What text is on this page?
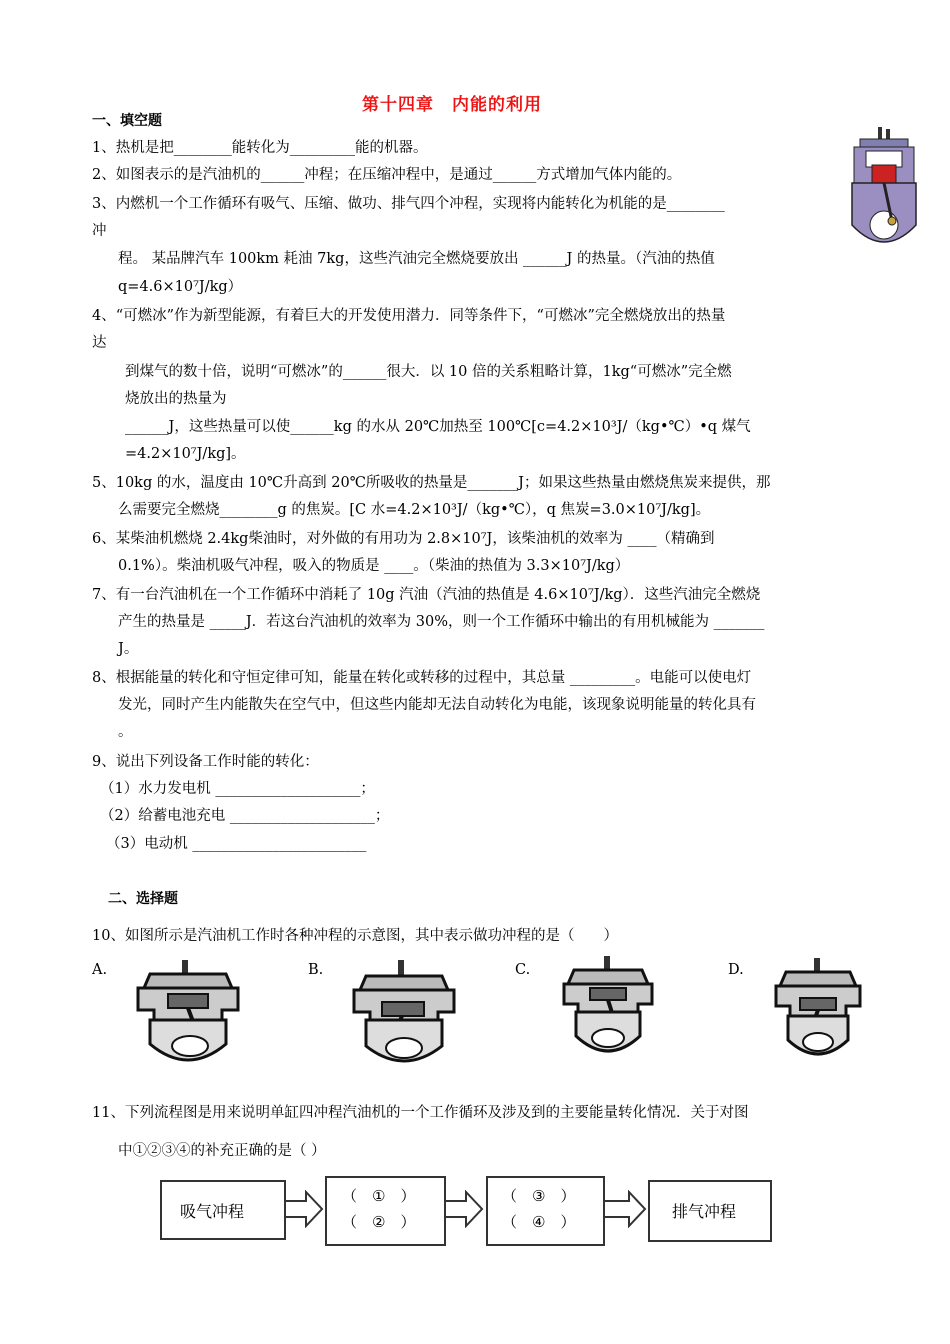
第十四章　内能的利用
一、填空题
1、热机是把________能转化为_________能的机器。
2、如图表示的是汽油机的______冲程；在压缩冲程中，是通过______方式增加气体内能的。
3、内燃机一个工作循环有吸气、压缩、做功、排气四个冲程，实现将内能转化为机能的是________
冲
程。 某品牌汽车 100km 耗油 7kg，这些汽油完全燃烧要放出 ______J 的热量。（汽油的热值
q=4.6×10⁷J/kg）
4、“可燃冰”作为新型能源，有着巨大的开发使用潜力．同等条件下，“可燃冰”完全燃烧放出的热量
达
到煤气的数十倍，说明“可燃冰”的______很大．以 10 倍的关系粗略计算，1kg“可燃冰”完全燃
烧放出的热量为
______J，这些热量可以使______kg 的水从 20℃加热至 100℃[c=4.2×10³J/（kg•℃）•q 煤气
=4.2×10⁷J/kg]。
5、10kg 的水，温度由 10℃升高到 20℃所吸收的热量是_______J；如果这些热量由燃烧焦炭来提供，那
么需要完全燃烧________g 的焦炭。[C 水=4.2×10³J/（kg•℃），q 焦炭=3.0×10⁷J/kg]。
6、某柴油机燃烧 2.4kg柴油时，对外做的有用功为 2.8×10⁷J，该柴油机的效率为 ____（精确到
0.1%）。柴油机吸气冲程，吸入的物质是 ____。（柴油的热值为 3.3×10⁷J/kg）
7、有一台汽油机在一个工作循环中消耗了 10g 汽油（汽油的热值是 4.6×10⁷J/kg）．这些汽油完全燃烧
产生的热量是 _____J．若这台汽油机的效率为 30%，则一个工作循环中输出的有用机械能为 _______
J。
8、根据能量的转化和守恒定律可知，能量在转化或转移的过程中，其总量 _________。电能可以使电灯
发光，同时产生内能散失在空气中，但这些内能却无法自动转化为电能，该现象说明能量的转化具有
。
9、说出下列设备工作时能的转化：
（1）水力发电机 ____________________；
（2）给蓄电池充电 ____________________；
（3）电动机 ________________________
二、选择题
10、如图所示是汽油机工作时各种冲程的示意图，其中表示做功冲程的是（　　）
A.	B.	C.	D.
11、下列流程图是用来说明单缸四冲程汽油机的一个工作循环及涉及到的主要能量转化情况．关于对图
中①②③④的补充正确的是（ ）
吸气冲程
（　①　）
（　②　）
（　③　）
（　④　）
排气冲程
